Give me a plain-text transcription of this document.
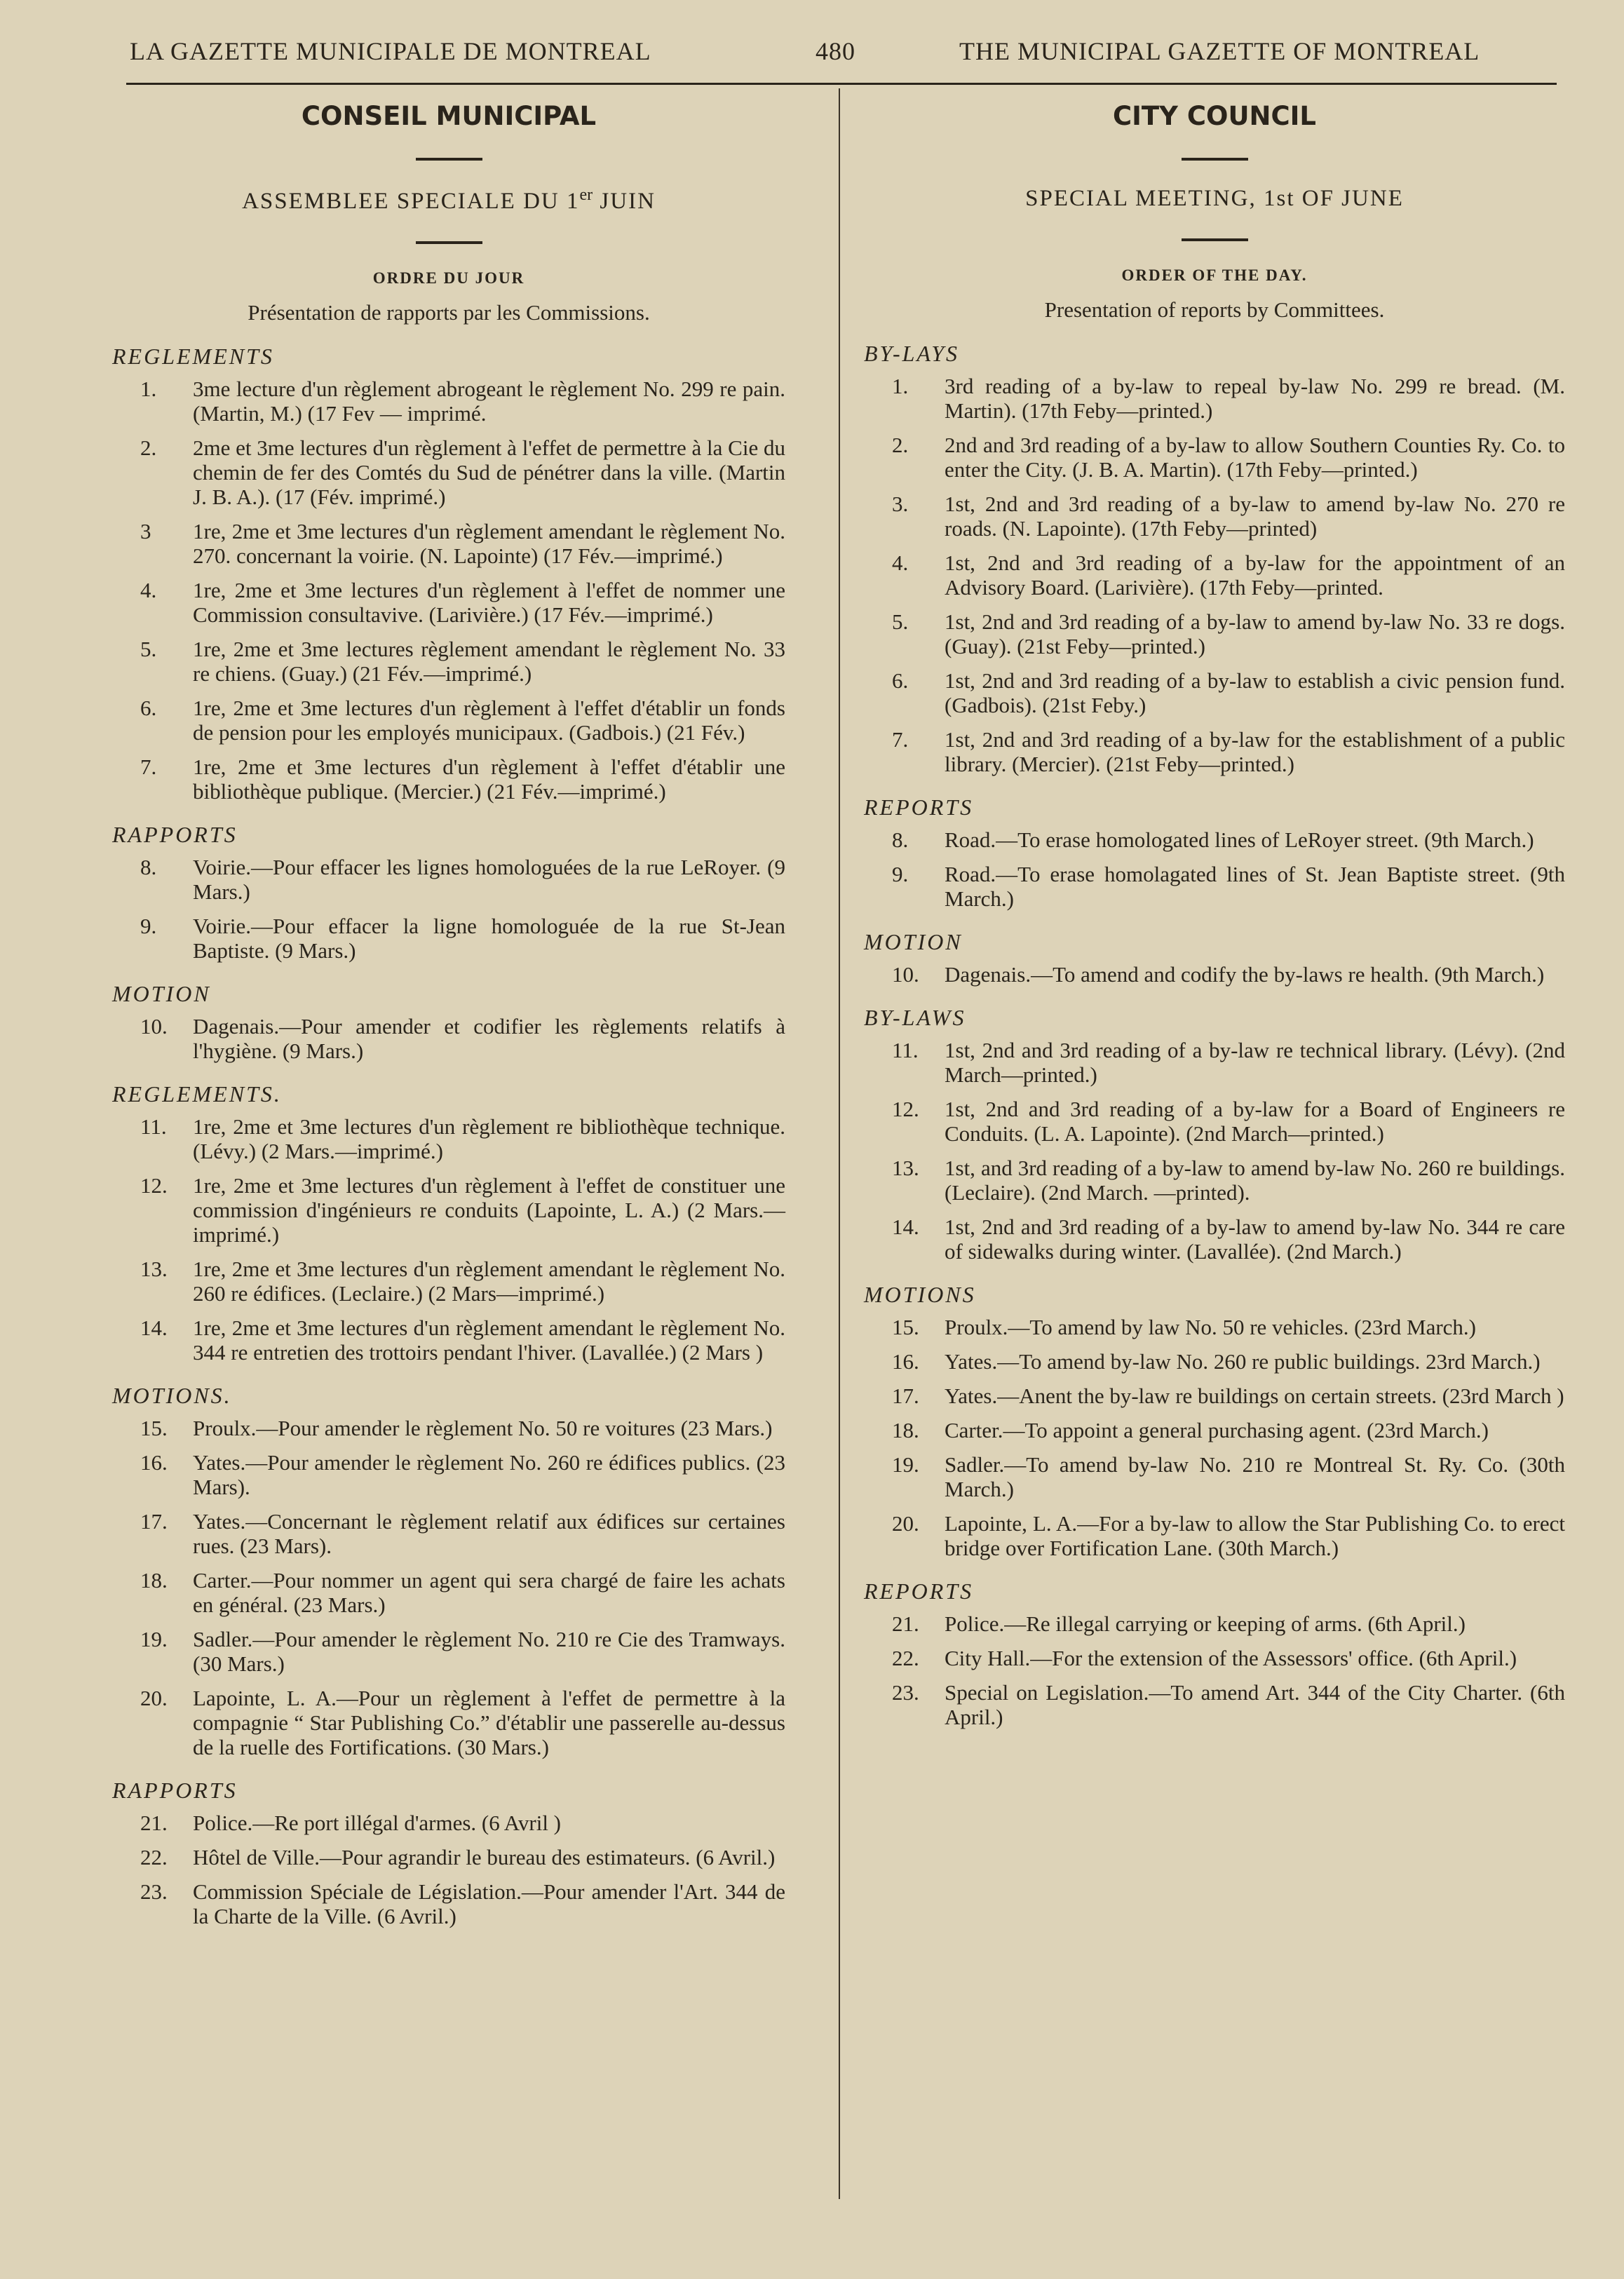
LA GAZETTE MUNICIPALE DE MONTREAL	480	THE MUNICIPAL GAZETTE OF MONTREAL
CONSEIL MUNICIPAL
ASSEMBLEE SPECIALE DU 1er JUIN
ORDRE DU JOUR
Présentation de rapports par les Commissions.
REGLEMENTS
1. 3me lecture d'un règlement abrogeant le règlement No. 299 re pain. (Martin, M.) (17 Fev — imprimé.
2. 2me et 3me lectures d'un règlement à l'effet de permettre à la Cie du chemin de fer des Comtés du Sud de pénétrer dans la ville. (Martin J. B. A.). (17 (Fév. imprimé.)
3 1re, 2me et 3me lectures d'un règlement amendant le règlement No. 270. concernant la voirie. (N. Lapointe) (17 Fév.—imprimé.)
4. 1re, 2me et 3me lectures d'un règlement à l'effet de nommer une Commission consultavive. (Larivière.) (17 Fév.—imprimé.)
5. 1re, 2me et 3me lectures règlement amendant le règlement No. 33 re chiens. (Guay.) (21 Fév.—imprimé.)
6. 1re, 2me et 3me lectures d'un règlement à l'effet d'établir un fonds de pension pour les employés municipaux. (Gadbois.) (21 Fév.)
7. 1re, 2me et 3me lectures d'un règlement à l'effet d'établir une bibliothèque publique. (Mercier.) (21 Fév.—imprimé.)
RAPPORTS
8. Voirie.—Pour effacer les lignes homologuées de la rue LeRoyer. (9 Mars.)
9. Voirie.—Pour effacer la ligne homologuée de la rue St-Jean Baptiste. (9 Mars.)
MOTION
10. Dagenais.—Pour amender et codifier les règlements relatifs à l'hygiène. (9 Mars.)
REGLEMENTS.
11. 1re, 2me et 3me lectures d'un règlement re bibliothèque technique. (Lévy.) (2 Mars.—imprimé.)
12. 1re, 2me et 3me lectures d'un règlement à l'effet de constituer une commission d'ingénieurs re conduits (Lapointe, L. A.) (2 Mars.—imprimé.)
13. 1re, 2me et 3me lectures d'un règlement amendant le règlement No. 260 re édifices. (Leclaire.) (2 Mars—imprimé.)
14. 1re, 2me et 3me lectures d'un règlement amendant le règlement No. 344 re entretien des trottoirs pendant l'hiver. (Lavallée.) (2 Mars )
MOTIONS.
15. Proulx.—Pour amender le règlement No. 50 re voitures (23 Mars.)
16. Yates.—Pour amender le règlement No. 260 re édifices publics. (23 Mars).
17. Yates.—Concernant le règlement relatif aux édifices sur certaines rues. (23 Mars).
18. Carter.—Pour nommer un agent qui sera chargé de faire les achats en général. (23 Mars.)
19. Sadler.—Pour amender le règlement No. 210 re Cie des Tramways. (30 Mars.)
20. Lapointe, L. A.—Pour un règlement à l'effet de permettre à la compagnie “ Star Publishing Co.” d'établir une passerelle au-dessus de la ruelle des Fortifications. (30 Mars.)
RAPPORTS
21. Police.—Re port illégal d'armes. (6 Avril )
22. Hôtel de Ville.—Pour agrandir le bureau des estimateurs. (6 Avril.)
23. Commission Spéciale de Législation.—Pour amender l'Art. 344 de la Charte de la Ville. (6 Avril.)
CITY COUNCIL
SPECIAL MEETING, 1st OF JUNE
ORDER OF THE DAY.
Presentation of reports by Committees.
BY-LAYS
1. 3rd reading of a by-law to repeal by-law No. 299 re bread. (M. Martin). (17th Feby—printed.)
2. 2nd and 3rd reading of a by-law to allow Southern Counties Ry. Co. to enter the City. (J. B. A. Martin). (17th Feby—printed.)
3. 1st, 2nd and 3rd reading of a by-law to amend by-law No. 270 re roads. (N. Lapointe). (17th Feby—printed)
4. 1st, 2nd and 3rd reading of a by-law for the appointment of an Advisory Board. (Larivière). (17th Feby—printed.
5. 1st, 2nd and 3rd reading of a by-law to amend by-law No. 33 re dogs. (Guay). (21st Feby—printed.)
6. 1st, 2nd and 3rd reading of a by-law to establish a civic pension fund. (Gadbois). (21st Feby.)
7. 1st, 2nd and 3rd reading of a by-law for the establishment of a public library. (Mercier). (21st Feby—printed.)
REPORTS
8. Road.—To erase homologated lines of LeRoyer street. (9th March.)
9. Road.—To erase homolagated lines of St. Jean Baptiste street. (9th March.)
MOTION
10. Dagenais.—To amend and codify the by-laws re health. (9th March.)
BY-LAWS
11. 1st, 2nd and 3rd reading of a by-law re technical library. (Lévy). (2nd March—printed.)
12. 1st, 2nd and 3rd reading of a by-law for a Board of Engineers re Conduits. (L. A. Lapointe). (2nd March—printed.)
13. 1st, and 3rd reading of a by-law to amend by-law No. 260 re buildings. (Leclaire). (2nd March. —printed).
14. 1st, 2nd and 3rd reading of a by-law to amend by-law No. 344 re care of sidewalks during winter. (Lavallée). (2nd March.)
MOTIONS
15. Proulx.—To amend by law No. 50 re vehicles. (23rd March.)
16. Yates.—To amend by-law No. 260 re public buildings. 23rd March.)
17. Yates.—Anent the by-law re buildings on certain streets. (23rd March )
18. Carter.—To appoint a general purchasing agent. (23rd March.)
19. Sadler.—To amend by-law No. 210 re Montreal St. Ry. Co. (30th March.)
20. Lapointe, L. A.—For a by-law to allow the Star Publishing Co. to erect bridge over Fortification Lane. (30th March.)
REPORTS
21. Police.—Re illegal carrying or keeping of arms. (6th April.)
22. City Hall.—For the extension of the Assessors' office. (6th April.)
23. Special on Legislation.—To amend Art. 344 of the City Charter. (6th April.)
